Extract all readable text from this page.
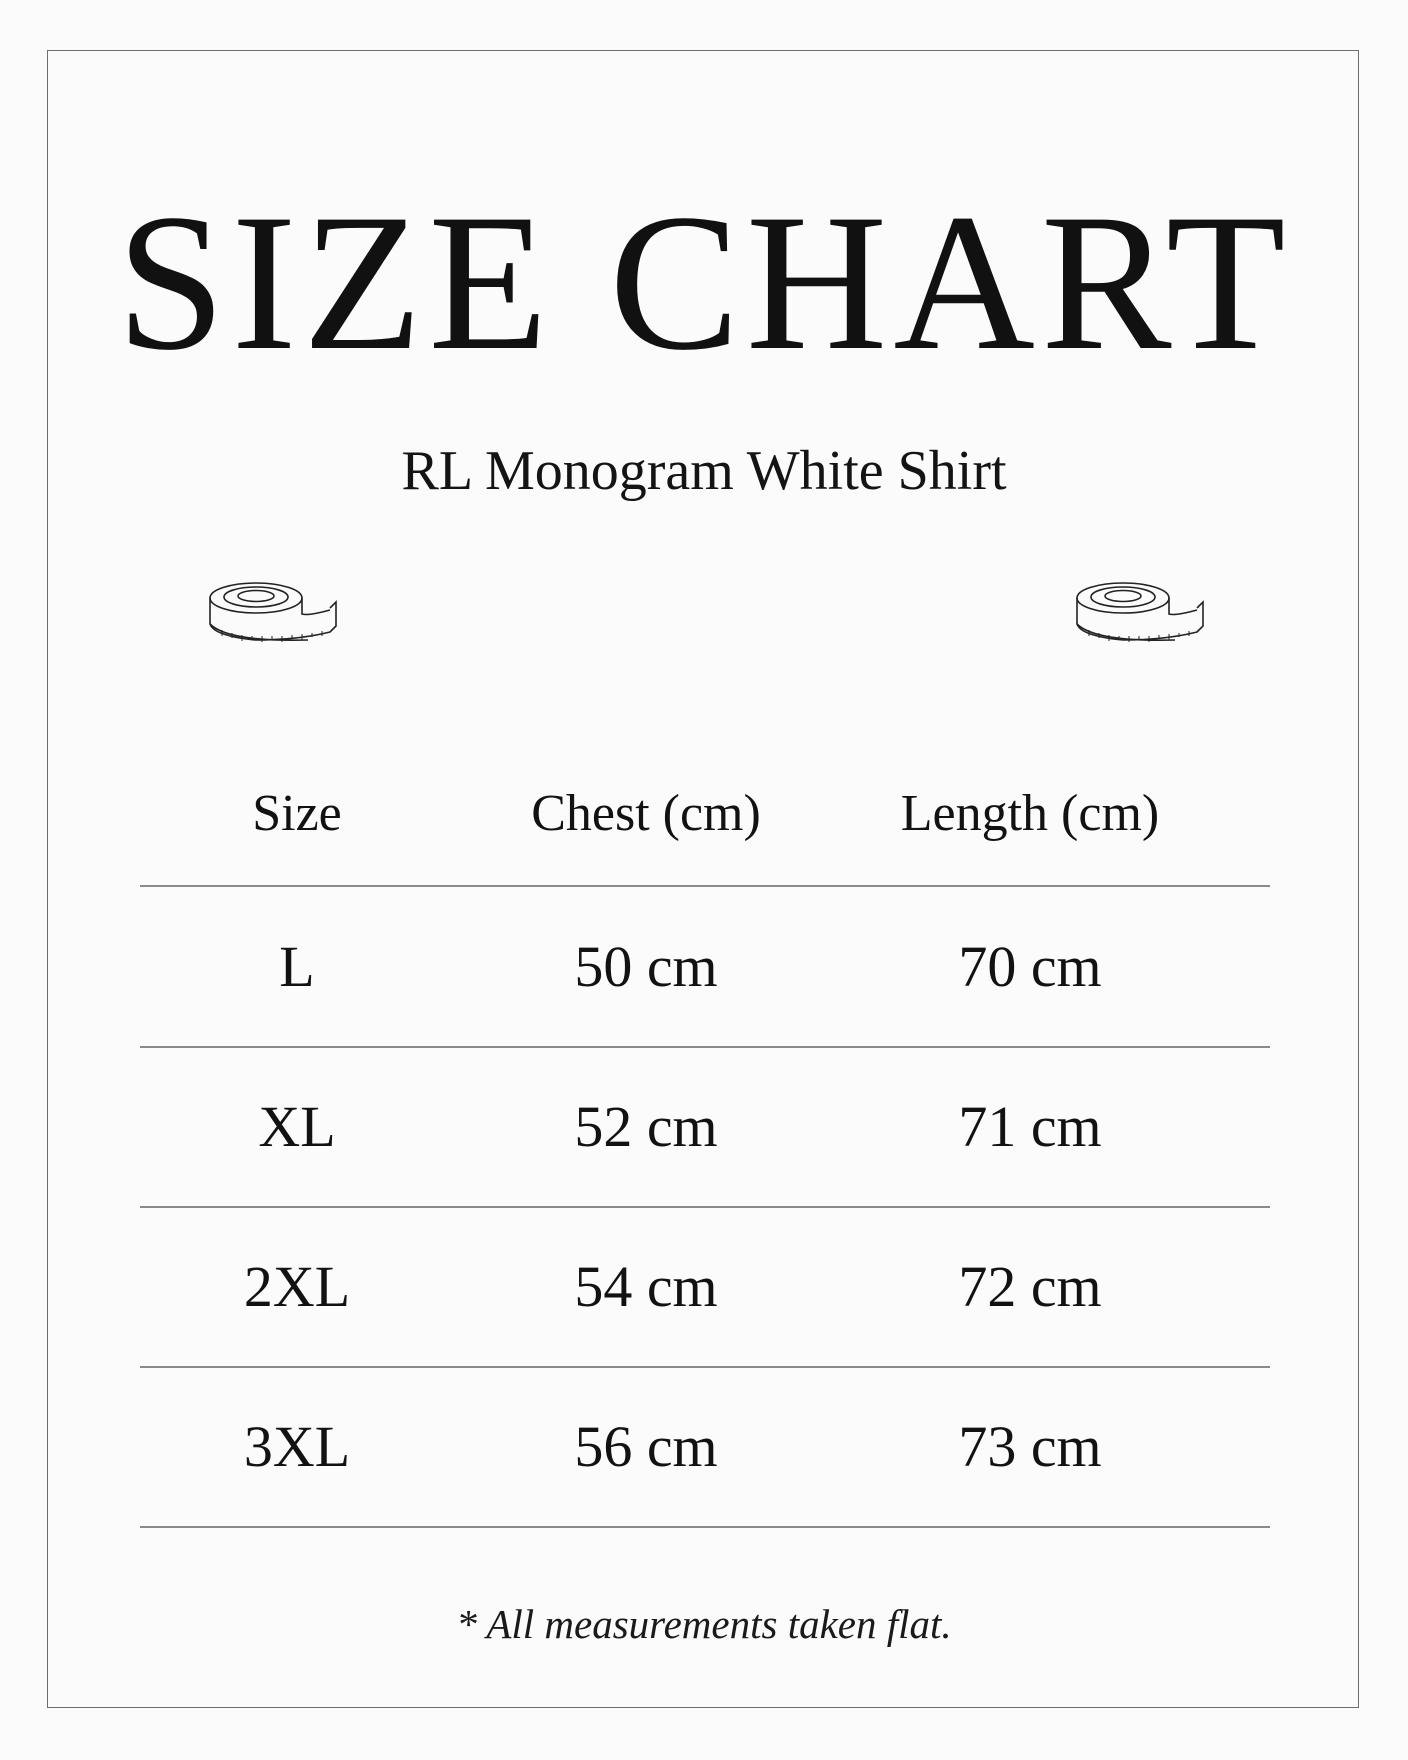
SIZE CHART
RL Monogram White Shirt
Size	Chest (cm)	Length (cm)
L	50 cm	70 cm
XL	52 cm	71 cm
2XL	54 cm	72 cm
3XL	56 cm	73 cm
* All measurements taken flat.
